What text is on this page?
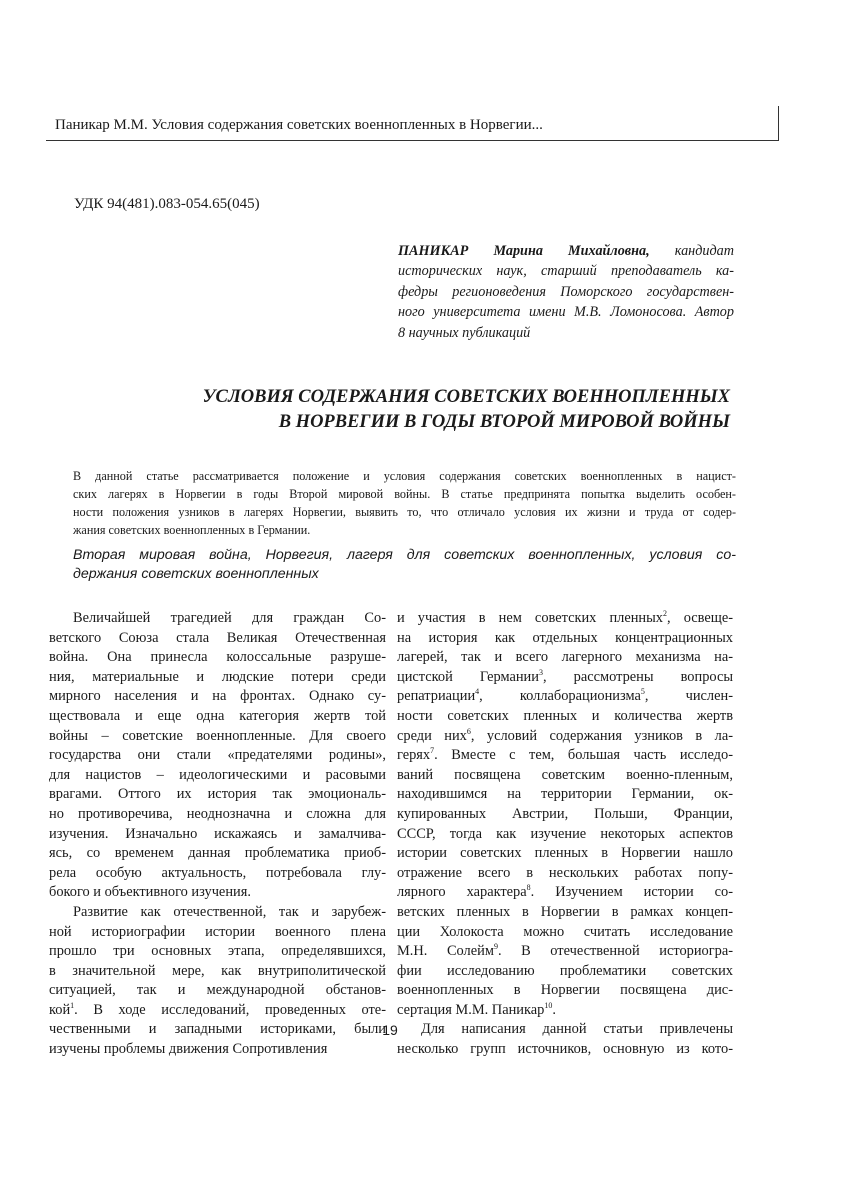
Паникар М.М. Условия содержания советских военнопленных в Норвегии...
УДК 94(481).083-054.65(045)
ПАНИКАР Марина Михайловна, кандидат
исторических наук, старший преподаватель ка-
федры регионоведения Поморского государствен-
ного университета имени М.В. Ломоносова. Автор
8 научных публикаций
УСЛОВИЯ СОДЕРЖАНИЯ СОВЕТСКИХ ВОЕННОПЛЕННЫХ
В НОРВЕГИИ В ГОДЫ ВТОРОЙ МИРОВОЙ ВОЙНЫ
В данной статье рассматривается положение и условия содержания советских военнопленных в нацист-
ских лагерях в Норвегии в годы Второй мировой войны. В статье предпринята попытка выделить особен-
ности положения узников в лагерях Норвегии, выявить то, что отличало условия их жизни и труда от содер-
жания советских военнопленных в Германии.
Вторая мировая война, Норвегия, лагеря для советских военнопленных, условия со-
держания советских военнопленных
Величайшей трагедией для граждан Со-
ветского Союза стала Великая Отечественная
война. Она принесла колоссальные разруше-
ния, материальные и людские потери среди
мирного населения и на фронтах. Однако су-
ществовала и еще одна категория жертв той
войны – советские военнопленные. Для своего
государства они стали «предателями родины»,
для нацистов – идеологическими и расовыми
врагами. Оттого их история так эмоциональ-
но противоречива, неоднозначна и сложна для
изучения. Изначально искажаясь и замалчива-
ясь, со временем данная проблематика приоб-
рела особую актуальность, потребовала глу-
бокого и объективного изучения.
Развитие как отечественной, так и зарубеж-
ной историографии истории военного плена
прошло три основных этапа, определявшихся,
в значительной мере, как внутриполитической
ситуацией, так и международной обстанов-
кой$^1$. В ходе исследований, проведенных оте-
чественными и западными историками, были
изучены проблемы движения Сопротивления
и участия в нем советских пленных$^2$, освеще-
на история как отдельных концентрационных
лагерей, так и всего лагерного механизма на-
цистской Германии$^3$, рассмотрены вопросы
репатриации$^4$, коллаборационизма$^5$, числен-
ности советских пленных и количества жертв
среди них$^6$, условий содержания узников в ла-
герях$^7$. Вместе с тем, большая часть исследо-
ваний посвящена советским военно-пленным,
находившимся на территории Германии, ок-
купированных Австрии, Польши, Франции,
СССР, тогда как изучение некоторых аспектов
истории советских пленных в Норвегии нашло
отражение всего в нескольких работах попу-
лярного характера$^8$. Изучением истории со-
ветских пленных в Норвегии в рамках концеп-
ции Холокоста можно считать исследование
М.Н. Солейм$^9$. В отечественной историогра-
фии исследованию проблематики советских
военнопленных в Норвегии посвящена дис-
сертация М.М. Паникар$^{10}$.
Для написания данной статьи привлечены
несколько групп источников, основную из кото-
19
